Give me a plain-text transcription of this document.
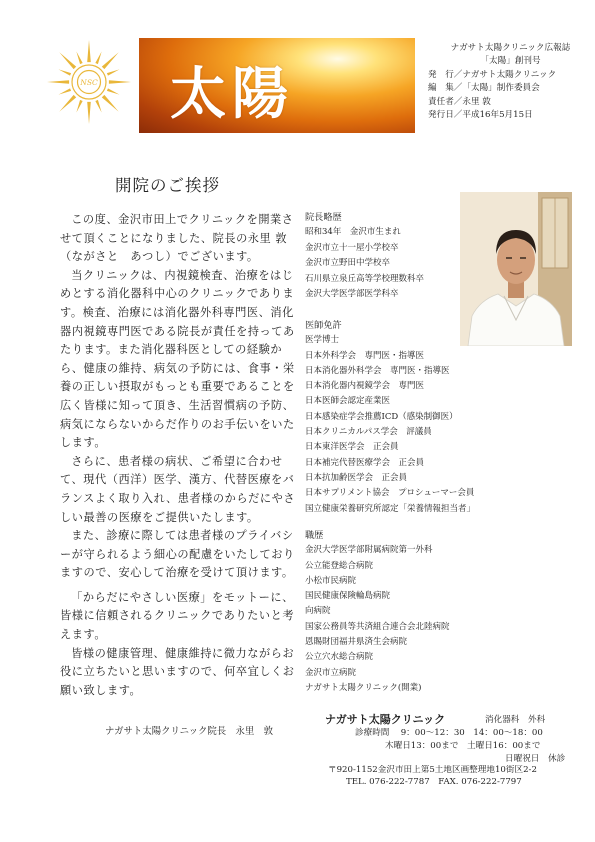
NSC 太陽
ナガサト太陽クリニック広報誌
「太陽」創刊号
発　行／ナガサト太陽クリニック
編　集／「太陽」制作委員会
責任者／永里 敦
発行日／平成16年5月15日
開院のご挨拶

この度、金沢市田上でクリニックを開業させて頂くことになりました、院長の永里 敦

（ながさと　あつし）でございます。

当クリニックは、内視鏡検査、治療をはじめとする消化器科中心のクリニックであります。検査、治療には消化器外科専門医、消化器内視鏡専門医である院長が責任を持ってあたります。また消化器科医としての経験から、健康の維持、病気の予防には、食事・栄養の正しい摂取がもっとも重要であることを広く皆様に知って頂き、生活習慣病の予防、病気にならないからだ作りのお手伝いをいたします。

さらに、患者様の病状、ご希望に合わせて、現代（西洋）医学、漢方、代替医療をバランスよく取り入れ、患者様のからだにやさしい最善の医療をご提供いたします。

また、診療に際しては患者様のプライバシーが守られるよう細心の配慮をいたしておりますので、安心して治療を受けて頂けます。

「からだにやさしい医療」をモットーに、皆様に信頼されるクリニックでありたいと考えます。

皆様の健康管理、健康維持に微力ながらお役に立ちたいと思いますので、何卒宜しくお願い致します。

ナガサト太陽クリニック院長　永里　敦
院長略歴
昭和34年　金沢市生まれ
金沢市立十一屋小学校卒
金沢市立野田中学校卒
石川県立泉丘高等学校理数科卒
金沢大学医学部医学科卒
医師免許
医学博士
日本外科学会　専門医・指導医
日本消化器外科学会　専門医・指導医
日本消化器内視鏡学会　専門医
日本医師会認定産業医
日本感染症学会推薦ICD（感染制御医）
日本クリニカルパス学会　評議員
日本東洋医学会　正会員
日本補完代替医療学会　正会員
日本抗加齢医学会　正会員
日本サプリメント協会　プロシューマー会員
国立健康栄養研究所認定「栄養情報担当者」
職歴
金沢大学医学部附属病院第一外科
公立能登総合病院
小松市民病院
国民健康保険輪島病院
向病院
国家公務員等共済組合連合会北陸病院
恩賜財団福井県済生会病院
公立穴水総合病院
金沢市立病院
ナガサト太陽クリニック(開業)
ナガサト太陽クリニック	消化器科　外科
診療時間　 9：00～12：30　14：00～18：00
木曜日13：00まで　土曜日16：00まで
日曜祝日　休診
〒920-1152金沢市田上第5土地区画整理地10街区2-2
TEL. 076-222-7787　FAX. 076-222-7797
